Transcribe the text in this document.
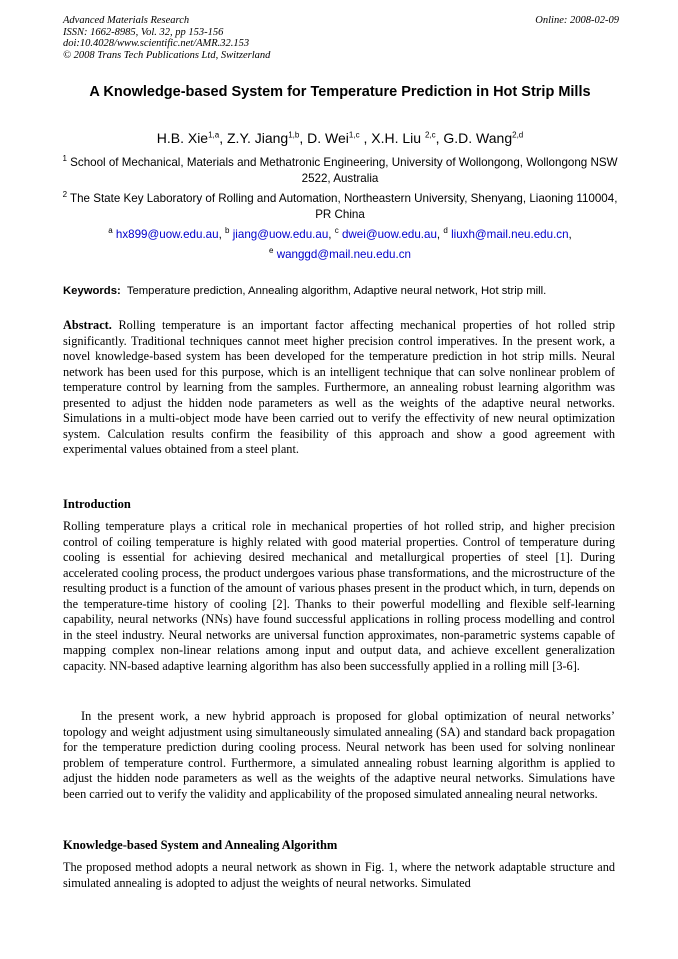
Advanced Materials Research
ISSN: 1662-8985, Vol. 32, pp 153-156
doi:10.4028/www.scientific.net/AMR.32.153
© 2008 Trans Tech Publications Ltd, Switzerland
Online: 2008-02-09
A Knowledge-based System for Temperature Prediction in Hot Strip Mills
H.B. Xie$^{1,a}$, Z.Y. Jiang$^{1,b}$, D. Wei$^{1,c}$ , X.H. Liu $^{2,c}$, G.D. Wang$^{2,d}$
$^1$ School of Mechanical, Materials and Methatronic Engineering, University of Wollongong, Wollongong NSW 2522, Australia
$^2$ The State Key Laboratory of Rolling and Automation, Northeastern University, Shenyang, Liaoning 110004, PR China
$^a$ hx899@uow.edu.au, $^b$ jiang@uow.edu.au, $^c$ dwei@uow.edu.au, $^d$ liuxh@mail.neu.edu.cn,
$^e$ wanggd@mail.neu.edu.cn
Keywords: Temperature prediction, Annealing algorithm, Adaptive neural network, Hot strip mill.
Abstract. Rolling temperature is an important factor affecting mechanical properties of hot rolled strip significantly. Traditional techniques cannot meet higher precision control imperatives. In the present work, a novel knowledge-based system has been developed for the temperature prediction in hot strip mills. Neural network has been used for this purpose, which is an intelligent technique that can solve nonlinear problem of temperature control by learning from the samples. Furthermore, an annealing robust learning algorithm was presented to adjust the hidden node parameters as well as the weights of the adaptive neural networks. Simulations in a multi-object mode have been carried out to verify the effectivity of new neural optimization system. Calculation results confirm the feasibility of this approach and show a good agreement with experimental values obtained from a steel plant.
Introduction

Rolling temperature plays a critical role in mechanical properties of hot rolled strip, and higher precision control of coiling temperature is highly related with good material properties. Control of temperature during cooling is essential for achieving desired mechanical and metallurgical properties of steel [1]. During accelerated cooling process, the product undergoes various phase transformations, and the microstructure of the resulting product is a function of the amount of various phases present in the product which, in turn, depends on the temperature-time history of cooling [2]. Thanks to their powerful modelling and flexible self-learning capability, neural networks (NNs) have found successful applications in rolling process modelling and control in the steel industry. Neural networks are universal function approximates, non-parametric systems capable of mapping complex non-linear relations among input and output data, and achieve excellent generalization capacity. NN-based adaptive learning algorithm has also been successfully applied in a rolling mill [3-6].

In the present work, a new hybrid approach is proposed for global optimization of neural networks’ topology and weight adjustment using simultaneously simulated annealing (SA) and standard back propagation for the temperature prediction during cooling process. Neural network has been used for solving nonlinear problem of temperature control. Furthermore, a simulated annealing robust learning algorithm is applied to adjust the hidden node parameters as well as the weights of the adaptive neural networks. Simulations have been carried out to verify the validity and applicability of the proposed simulated annealing neural networks.

Knowledge-based System and Annealing Algorithm

The proposed method adopts a neural network as shown in Fig. 1, where the network adaptable structure and simulated annealing is adopted to adjust the weights of neural networks. Simulated
